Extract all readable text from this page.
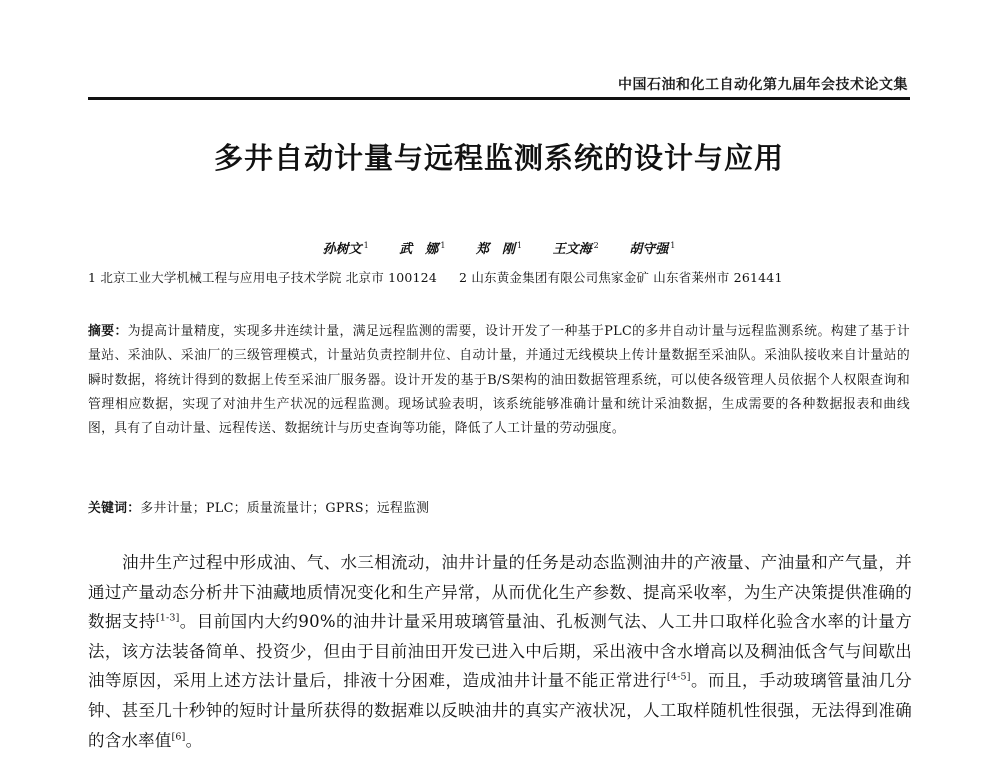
中国石油和化工自动化第九届年会技术论文集
多井自动计量与远程监测系统的设计与应用
孙树文 $^1$ 武　娜 $^1$ 郑　刚 $^1$ 王文海 $^2$ 胡守强 $^1$
1 北京工业大学机械工程与应用电子技术学院 北京市 100124 2 山东黄金集团有限公司焦家金矿 山东省莱州市 261441
摘要：为提高计量精度，实现多井连续计量，满足远程监测的需要，设计开发了一种基于PLC的多井自动计量与远程监测系统。构建了基于计量站、采油队、采油厂的三级管理模式，计量站负责控制井位、自动计量，并通过无线模块上传计量数据至采油队。采油队接收来自计量站的瞬时数据，将统计得到的数据上传至采油厂服务器。设计开发的基于B/S架构的油田数据管理系统，可以使各级管理人员依据个人权限查询和管理相应数据，实现了对油井生产状况的远程监测。现场试验表明，该系统能够准确计量和统计采油数据，生成需要的各种数据报表和曲线图，具有了自动计量、远程传送、数据统计与历史查询等功能，降低了人工计量的劳动强度。
关键词：多井计量；PLC；质量流量计；GPRS；远程监测
油井生产过程中形成油、气、水三相流动，油井计量的任务是动态监测油井的产液量、产油量和产气量，并通过产量动态分析井下油藏地质情况变化和生产异常，从而优化生产参数、提高采收率，为生产决策提供准确的数据支持[1-3]。目前国内大约90%的油井计量采用玻璃管量油、孔板测气法、人工井口取样化验含水率的计量方法，该方法装备简单、投资少，但由于目前油田开发已进入中后期，采出液中含水增高以及稠油低含气与间歇出油等原因，采用上述方法计量后，排液十分困难，造成油井计量不能正常进行[4-5]。而且，手动玻璃管量油几分钟、甚至几十秒钟的短时计量所获得的数据难以反映油井的真实产液状况，人工取样随机性很强，无法得到准确的含水率值[6]。
